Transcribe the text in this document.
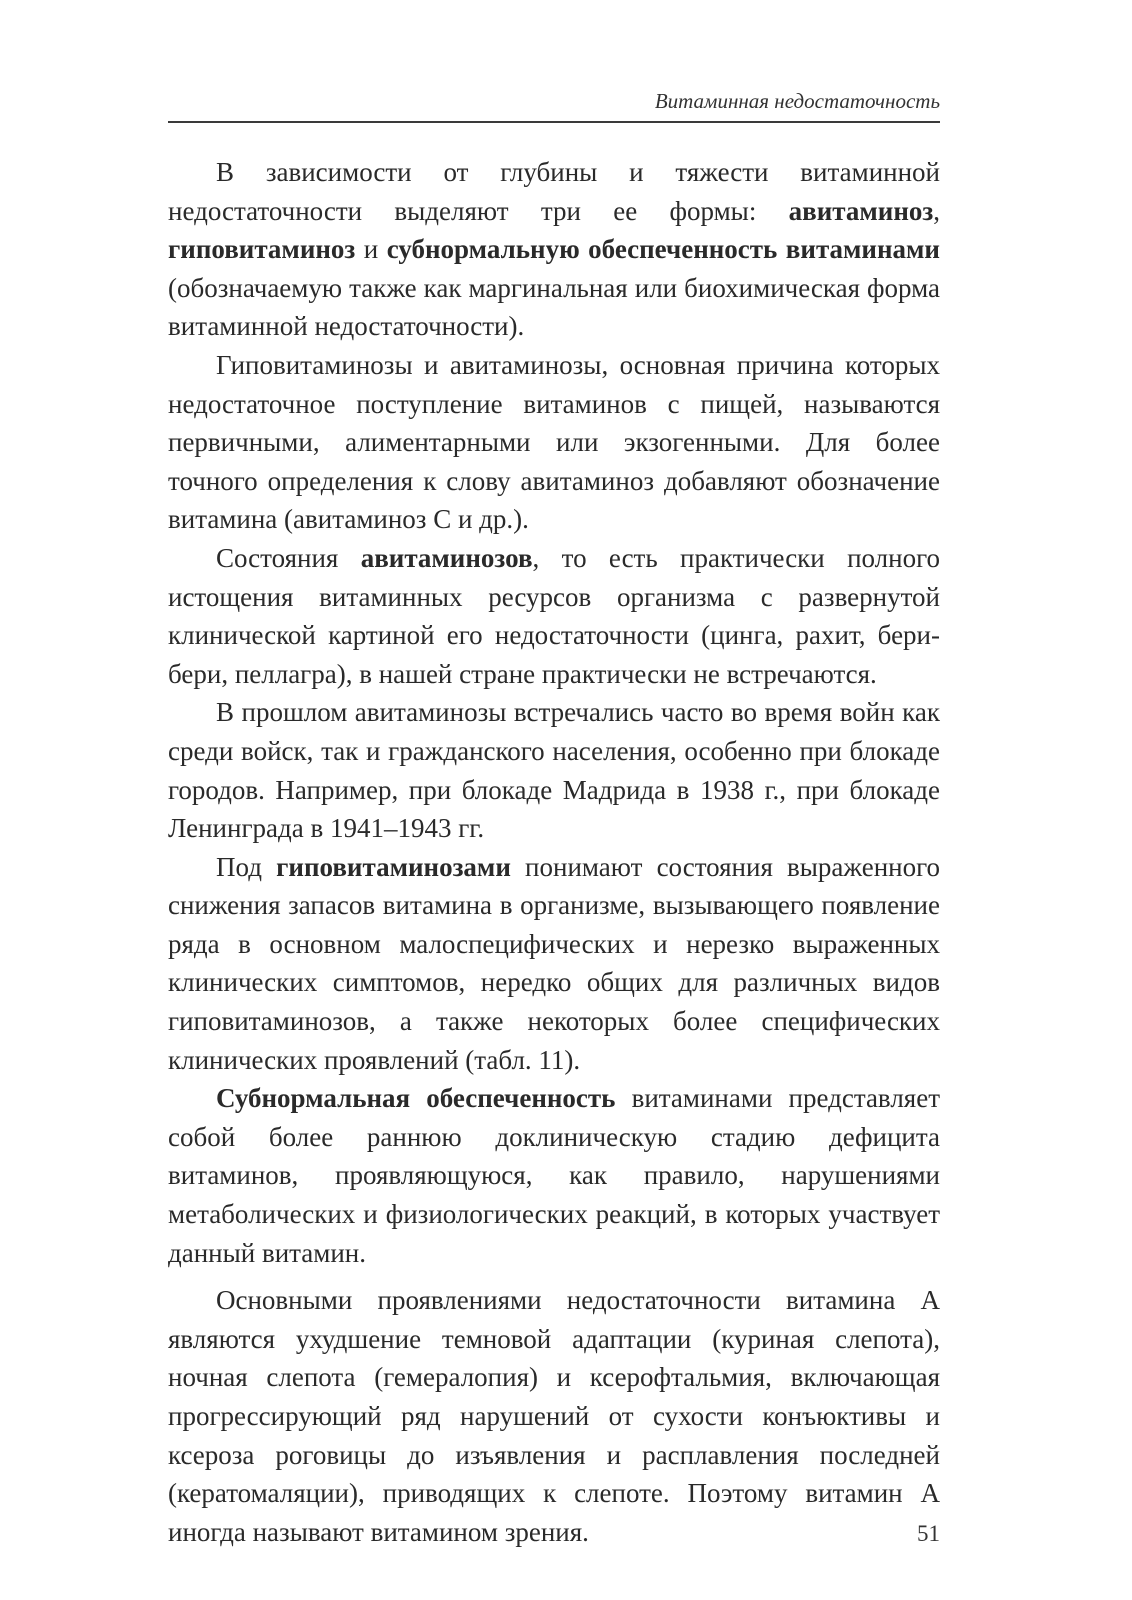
Витаминная недостаточность

В зависимости от глубины и тяжести витаминной недостаточности выделяют три ее формы: авитаминоз, гиповитаминоз и субнормальную обеспеченность витаминами (обозначаемую также как маргинальная или биохимическая форма витаминной недостаточности).

Гиповитаминозы и авитаминозы, основная причина которых недостаточное поступление витаминов с пищей, называются первичными, алиментарными или экзогенными. Для более точного определения к слову авитаминоз добавляют обозначение витамина (авитаминоз С и др.).

Состояния авитаминозов, то есть практически полного истощения витаминных ресурсов организма с развернутой клинической картиной его недостаточности (цинга, рахит, бери-бери, пеллагра), в нашей стране практически не встречаются.

В прошлом авитаминозы встречались часто во время войн как среди войск, так и гражданского населения, особенно при блокаде городов. Например, при блокаде Мадрида в 1938 г., при блокаде Ленинграда в 1941–1943 гг.

Под гиповитаминозами понимают состояния выраженного снижения запасов витамина в организме, вызывающего появление ряда в основном малоспецифических и нерезко выраженных клинических симптомов, нередко общих для различных видов гиповитаминозов, а также некоторых более специфических клинических проявлений (табл. 11).

Субнормальная обеспеченность витаминами представляет собой более раннюю доклиническую стадию дефицита витаминов, проявляющуюся, как правило, нарушениями метаболических и физиологических реакций, в которых участвует данный витамин.

Основными проявлениями недостаточности витамина А являются ухудшение темновой адаптации (куриная слепота), ночная слепота (гемералопия) и ксерофтальмия, включающая прогрессирующий ряд нарушений от сухости конъюктивы и ксероза роговицы до изъявления и расплавления последней (кератомаляции), приводящих к слепоте. Поэтому витамин А иногда называют витамином зрения.	51
